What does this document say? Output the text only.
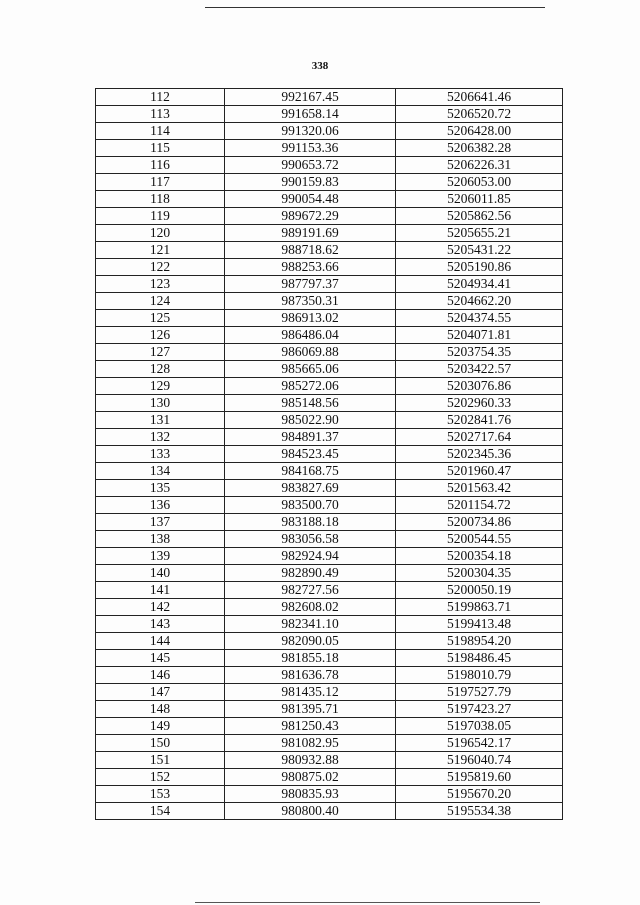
338
112	992167.45	5206641.46
113	991658.14	5206520.72
114	991320.06	5206428.00
115	991153.36	5206382.28
116	990653.72	5206226.31
117	990159.83	5206053.00
118	990054.48	5206011.85
119	989672.29	5205862.56
120	989191.69	5205655.21
121	988718.62	5205431.22
122	988253.66	5205190.86
123	987797.37	5204934.41
124	987350.31	5204662.20
125	986913.02	5204374.55
126	986486.04	5204071.81
127	986069.88	5203754.35
128	985665.06	5203422.57
129	985272.06	5203076.86
130	985148.56	5202960.33
131	985022.90	5202841.76
132	984891.37	5202717.64
133	984523.45	5202345.36
134	984168.75	5201960.47
135	983827.69	5201563.42
136	983500.70	5201154.72
137	983188.18	5200734.86
138	983056.58	5200544.55
139	982924.94	5200354.18
140	982890.49	5200304.35
141	982727.56	5200050.19
142	982608.02	5199863.71
143	982341.10	5199413.48
144	982090.05	5198954.20
145	981855.18	5198486.45
146	981636.78	5198010.79
147	981435.12	5197527.79
148	981395.71	5197423.27
149	981250.43	5197038.05
150	981082.95	5196542.17
151	980932.88	5196040.74
152	980875.02	5195819.60
153	980835.93	5195670.20
154	980800.40	5195534.38
